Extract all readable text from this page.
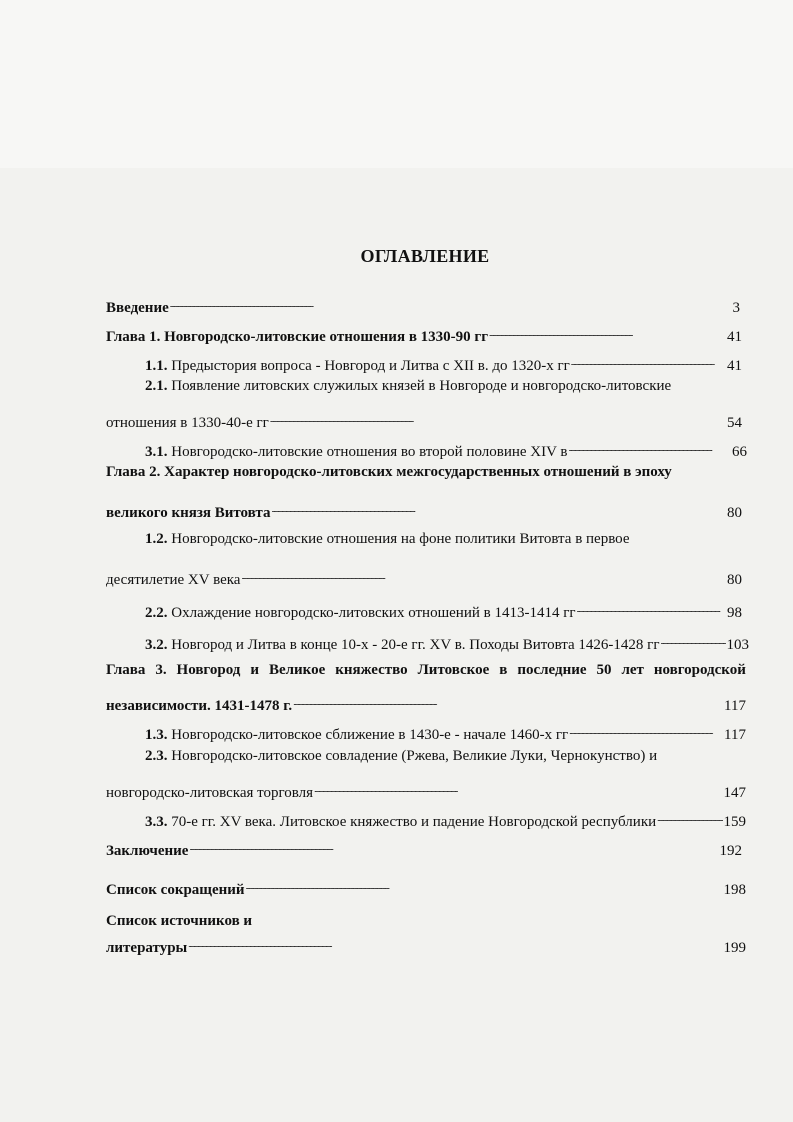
ОГЛАВЛЕНИЕ
Введение . . .	3
Глава 1. Новгородско-литовские отношения в 1330-90 гг . . .	41
1.1. Предыстория вопроса - Новгород и Литва с XII в. до 1320-х гг . . .	41
2.1. Появление литовских служилых князей в Новгороде и новгородско-литовские
отношения в 1330-40-е гг . . .	54
3.1. Новгородско-литовские отношения во второй половине XIV в . . .	66
Глава 2. Характер новгородско-литовских межгосударственных отношений в эпоху
великого князя Витовта . . .	80
1.2. Новгородско-литовские отношения на фоне политики Витовта в первое
десятилетие XV века . . .	80
2.2. Охлаждение новгородско-литовских отношений в 1413-1414 гг . . .	98
3.2. Новгород и Литва в конце 10-х - 20-е гг. XV в. Походы Витовта 1426-1428 гг . . .	103
Глава 3. Новгород и Великое княжество Литовское в последние 50 лет новгородской
независимости. 1431-1478 г. . . .	117
1.3. Новгородско-литовское сближение в 1430-е - начале 1460-х гг . . .	117
2.3. Новгородско-литовское совладение (Ржева, Великие Луки, Чернокунство) и
новгородско-литовская торговля . . .	147
3.3. 70-е гг. XV века. Литовское княжество и падение Новгородской республики . . .	159
Заключение . . .	192
Список сокращений . . .	198
Список источников и
литературы . . .	199
